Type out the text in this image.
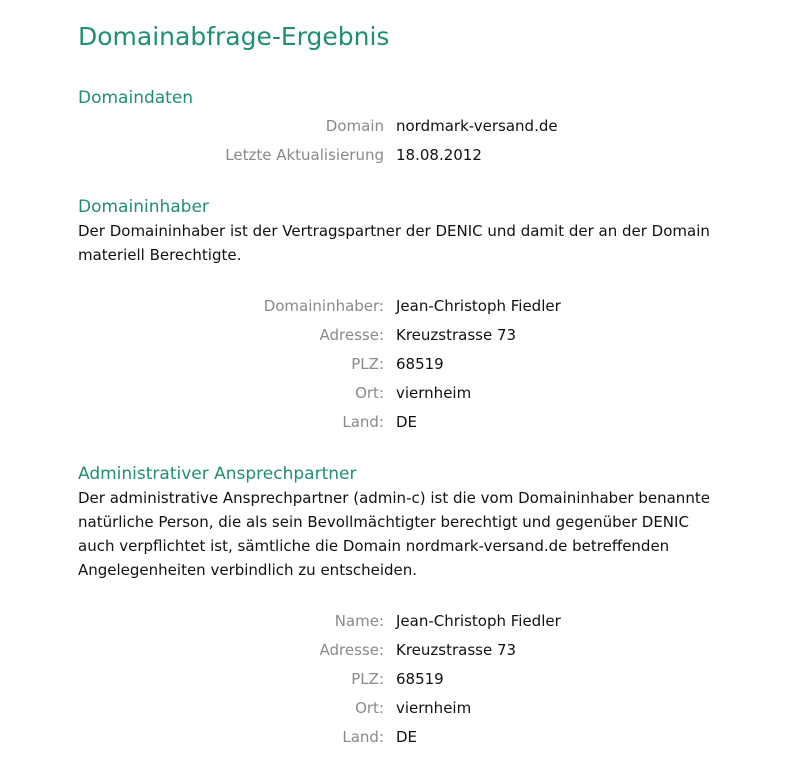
Domainabfrage-Ergebnis
Domaindaten
Domain nordmark-versand.de
Letzte Aktualisierung 18.08.2012
Domaininhaber
Der Domaininhaber ist der Vertragspartner der DENIC und damit der an der Domain materiell Berechtigte.
Domaininhaber: Jean-Christoph Fiedler
Adresse: Kreuzstrasse 73
PLZ: 68519
Ort: viernheim
Land: DE
Administrativer Ansprechpartner
Der administrative Ansprechpartner (admin-c) ist die vom Domaininhaber benannte natürliche Person, die als sein Bevollmächtigter berechtigt und gegenüber DENIC auch verpflichtet ist, sämtliche die Domain nordmark-versand.de betreffenden Angelegenheiten verbindlich zu entscheiden.
Name: Jean-Christoph Fiedler
Adresse: Kreuzstrasse 73
PLZ: 68519
Ort: viernheim
Land: DE
